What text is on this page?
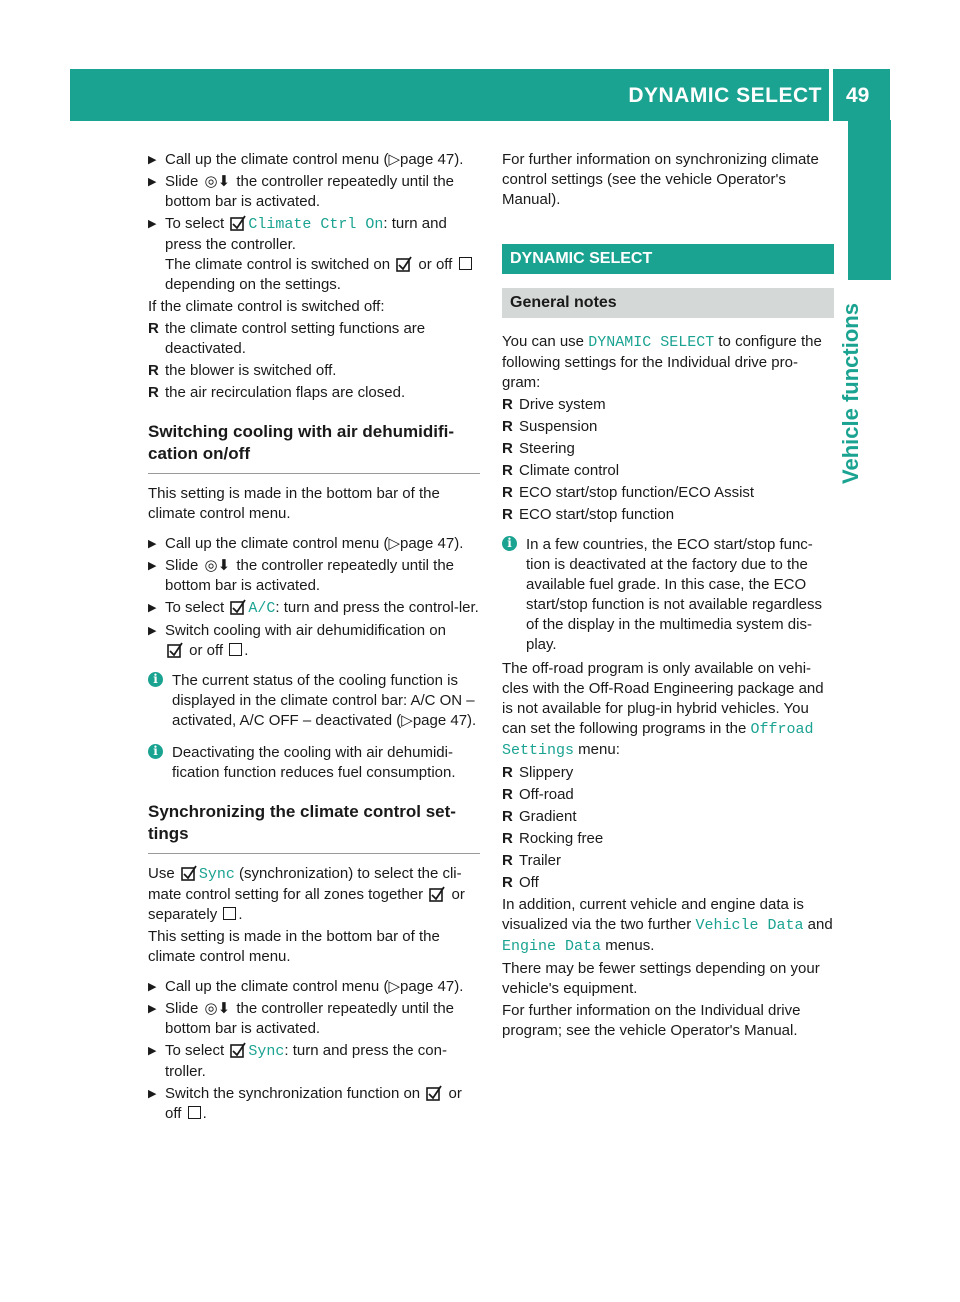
DYNAMIC SELECT 49
Vehicle functions
▶ Call up the climate control menu (▷page 47).
▶ Slide ◎⬇ the controller repeatedly until the bottom bar is activated.
▶ To select Climate Ctrl On: turn and press the controller.
The climate control is switched on  or off  depending on the settings.

If the climate control is switched off:

R the climate control setting functions are deactivated.
R the blower is switched off.
R the air recirculation flaps are closed.
Switching cooling with air dehumidifi-cation on/off

This setting is made in the bottom bar of the climate control menu.

▶ Call up the climate control menu (▷page 47).
▶ Slide ◎⬇ the controller repeatedly until the bottom bar is activated.
▶ To select A/C: turn and press the control-ler.
▶ Switch cooling with air dehumidification on
or off .
i The current status of the cooling function is displayed in the climate control bar: A/C ON – activated, A/C OFF – deactivated (▷page 47).
i Deactivating the cooling with air dehumidi-fication function reduces fuel consumption.
Synchronizing the climate control set-tings

Use Sync (synchronization) to select the cli-mate control setting for all zones together  or separately .

This setting is made in the bottom bar of the climate control menu.

▶ Call up the climate control menu (▷page 47).
▶ Slide ◎⬇ the controller repeatedly until the bottom bar is activated.
▶ To select Sync: turn and press the con-troller.
▶ Switch the synchronization function on  or off .

For further information on synchronizing climate control settings (see the vehicle Operator's Manual).

DYNAMIC SELECT
General notes

You can use DYNAMIC SELECT to configure the following settings for the Individual drive pro-gram:

R Drive system
R Suspension
R Steering
R Climate control
R ECO start/stop function/ECO Assist
R ECO start/stop function
i In a few countries, the ECO start/stop func-tion is deactivated at the factory due to the available fuel grade. In this case, the ECO start/stop function is not available regardless of the display in the multimedia system dis-play.

The off-road program is only available on vehi-cles with the Off-Road Engineering package and is not available for plug-in hybrid vehicles. You can set the following programs in the Offroad Settings menu:

R Slippery
R Off-road
R Gradient
R Rocking free
R Trailer
R Off

In addition, current vehicle and engine data is visualized via the two further Vehicle Data and Engine Data menus.

There may be fewer settings depending on your vehicle's equipment.

For further information on the Individual drive program; see the vehicle Operator's Manual.
